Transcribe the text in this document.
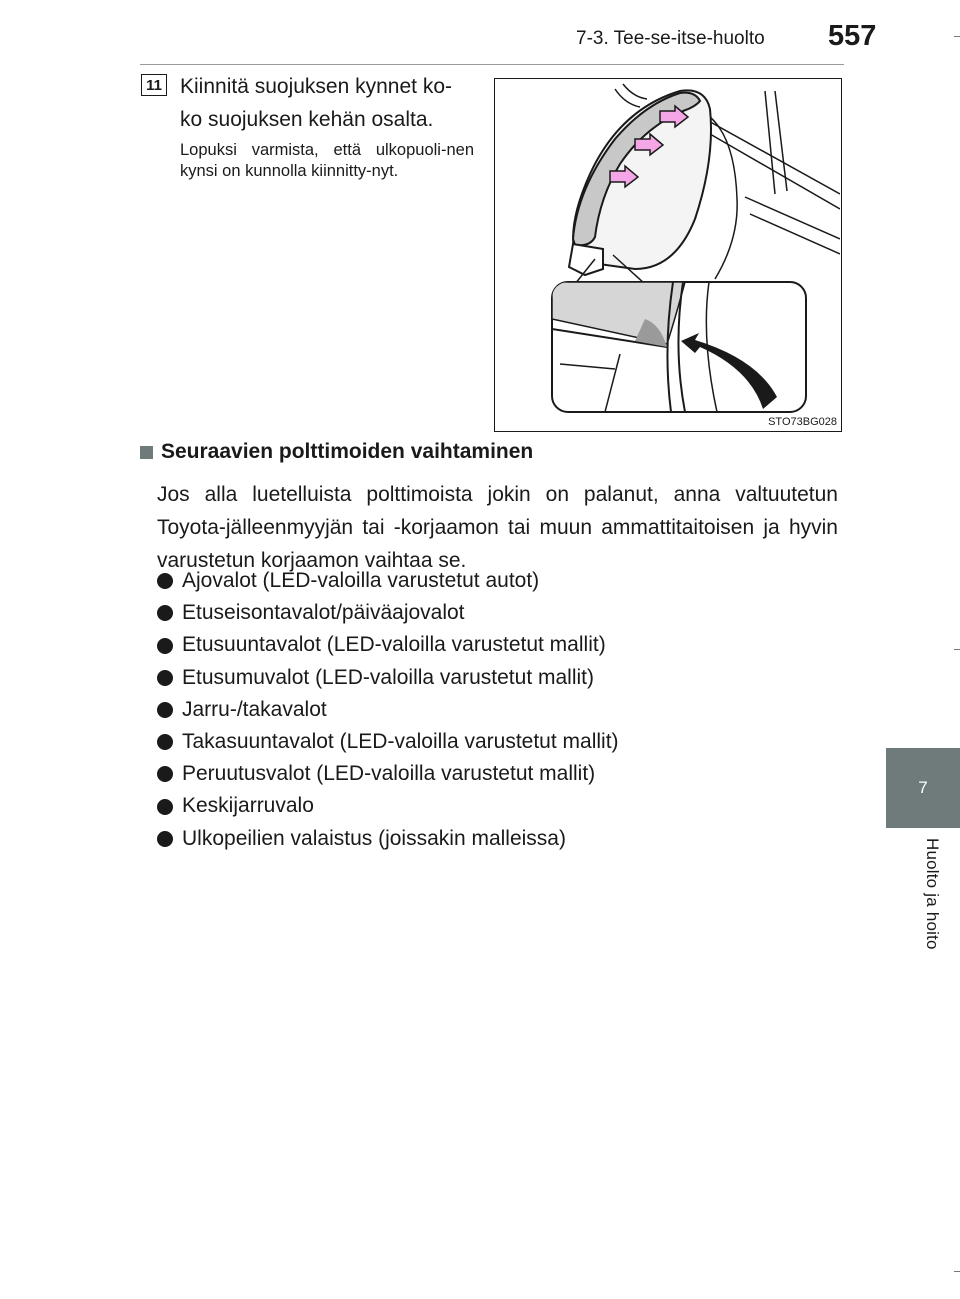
7-3. Tee-se-itse-huolto 557
7
Huolto ja hoito
11 Kiinnitä suojuksen kynnet ko-ko suojuksen kehän osalta.
Lopuksi varmista, että ulkopuoli-nen kynsi on kunnolla kiinnitty-nyt.
STO73BG028
Seuraavien polttimoiden vaihtaminen
Jos alla luetelluista polttimoista jokin on palanut, anna valtuutetun Toyota-jälleenmyyjän tai -korjaamon tai muun ammattitaitoisen ja hyvin varustetun korjaamon vaihtaa se.
Ajovalot (LED-valoilla varustetut autot)
Etuseisontavalot/päiväajovalot
Etusuuntavalot (LED-valoilla varustetut mallit)
Etusumuvalot (LED-valoilla varustetut mallit)
Jarru-/takavalot
Takasuuntavalot (LED-valoilla varustetut mallit)
Peruutusvalot (LED-valoilla varustetut mallit)
Keskijarruvalo
Ulkopeilien valaistus (joissakin malleissa)
